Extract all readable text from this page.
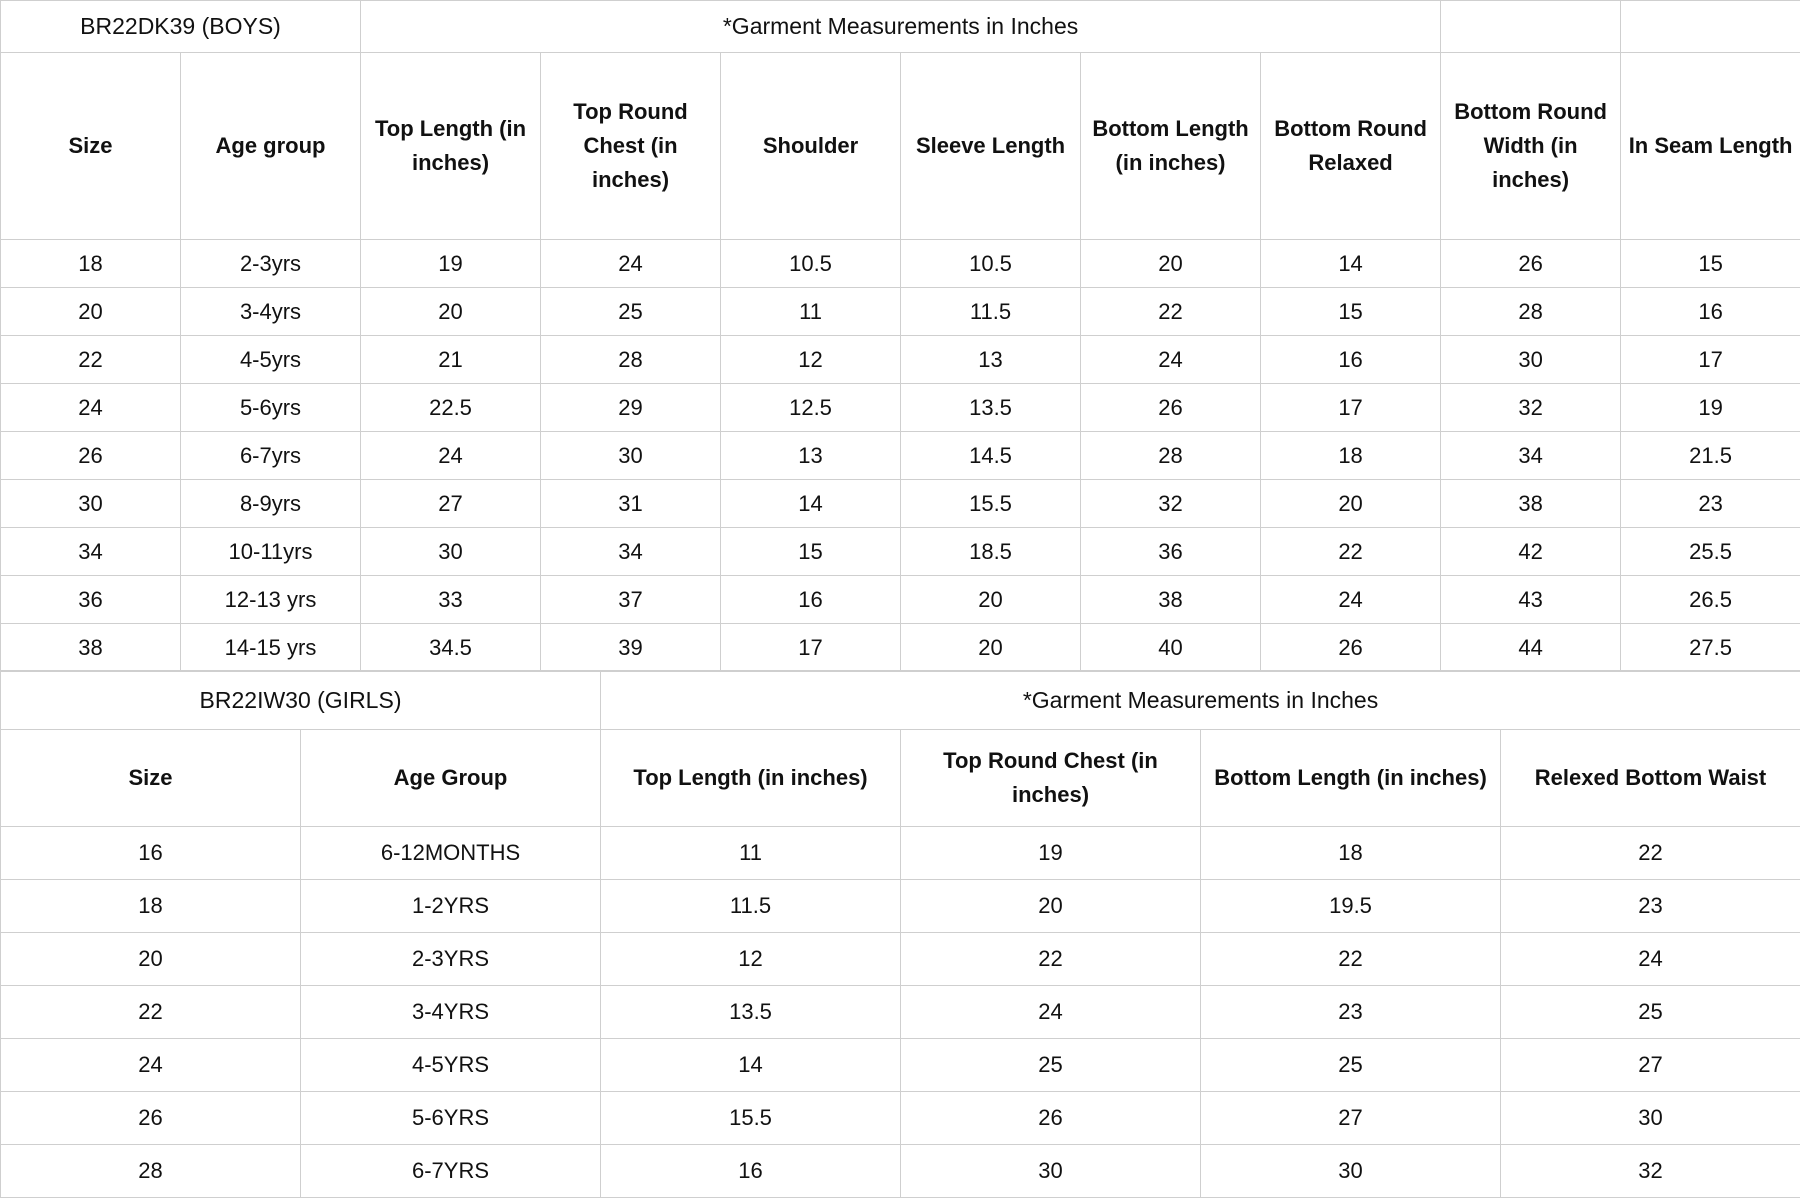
BR22DK39 (BOYS)		*Garment Measurements in Inches							
Size	Age group	Top Length (in inches)	Top Round Chest (in inches)	Shoulder	Sleeve Length	Bottom Length (in inches)	Bottom Round Relaxed	Bottom Round Width (in inches)	In Seam Length
18	2-3yrs	19	24	10.5	10.5	20	14	26	15
20	3-4yrs	20	25	11	11.5	22	15	28	16
22	4-5yrs	21	28	12	13	24	16	30	17
24	5-6yrs	22.5	29	12.5	13.5	26	17	32	19
26	6-7yrs	24	30	13	14.5	28	18	34	21.5
30	8-9yrs	27	31	14	15.5	32	20	38	23
34	10-11yrs	30	34	15	18.5	36	22	42	25.5
36	12-13 yrs	33	37	16	20	38	24	43	26.5
38	14-15 yrs	34.5	39	17	20	40	26	44	27.5
BR22IW30 (GIRLS)		*Garment Measurements in Inches			
Size	Age Group	Top Length (in inches)	Top Round Chest (in inches)	Bottom Length (in inches)	Relexed Bottom Waist
16	6-12MONTHS	11	19	18	22
18	1-2YRS	11.5	20	19.5	23
20	2-3YRS	12	22	22	24
22	3-4YRS	13.5	24	23	25
24	4-5YRS	14	25	25	27
26	5-6YRS	15.5	26	27	30
28	6-7YRS	16	30	30	32
